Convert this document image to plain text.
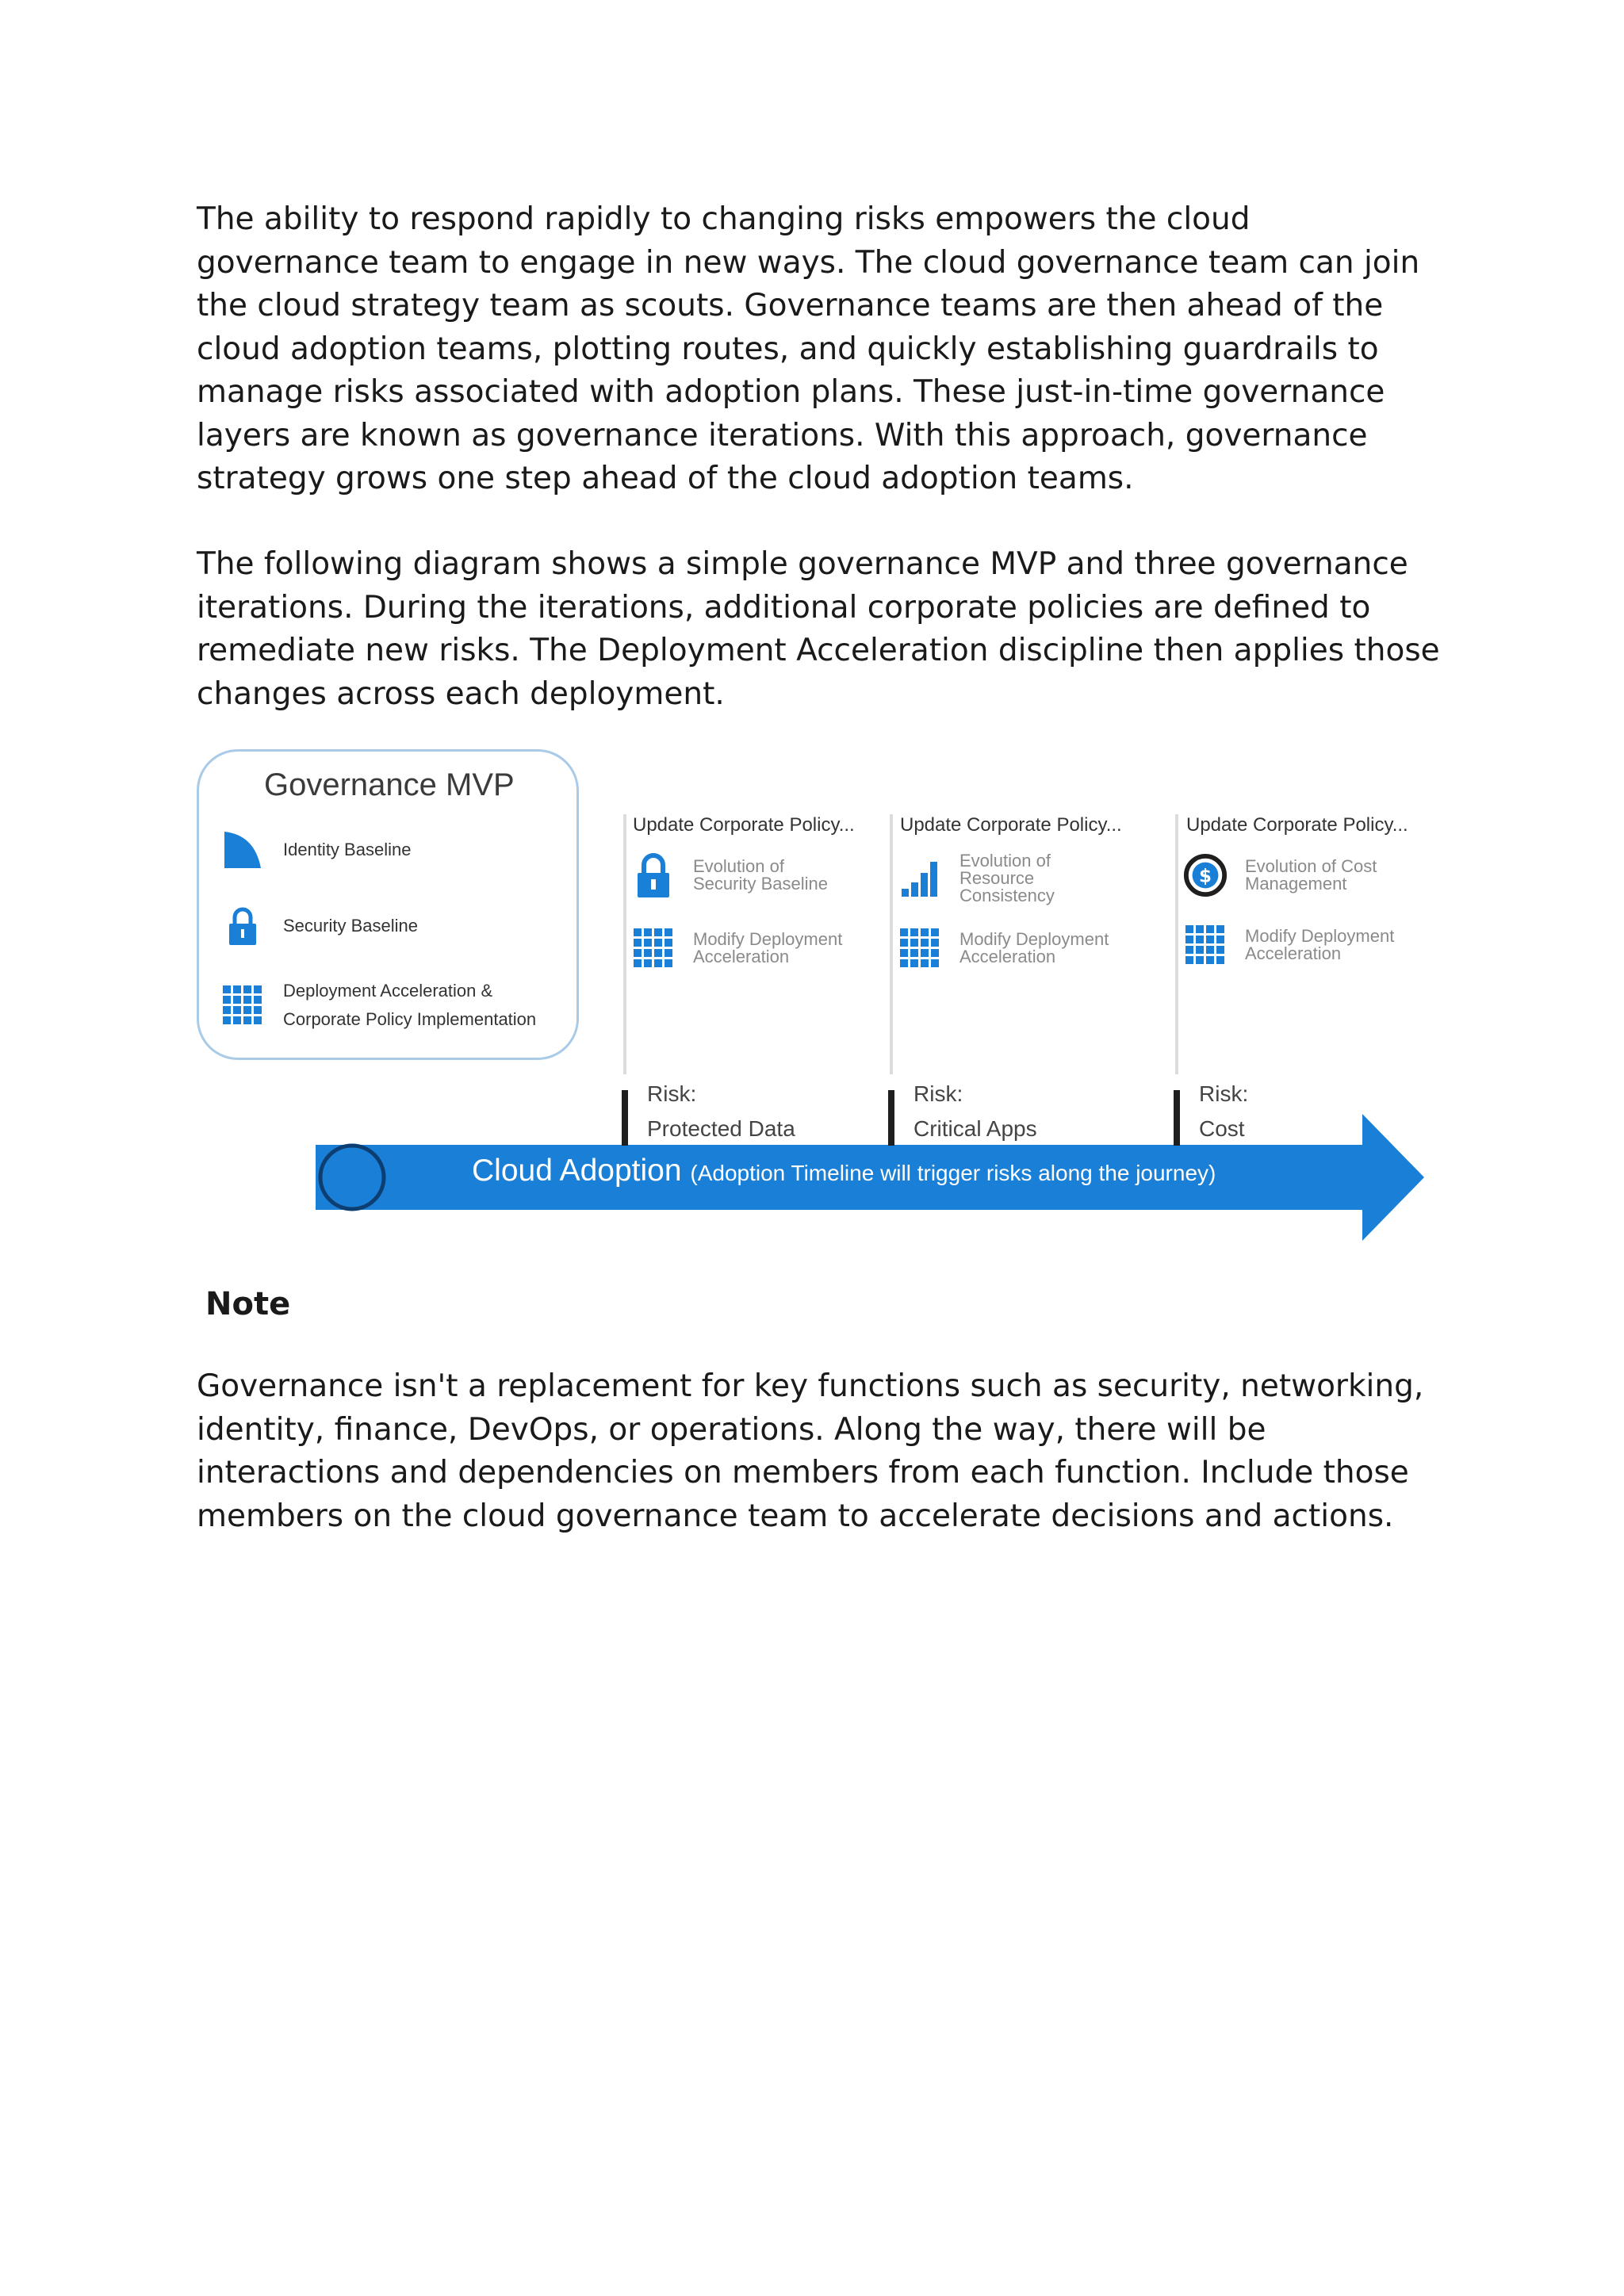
The ability to respond rapidly to changing risks empowers the cloud governance team to engage in new ways. The cloud governance team can join the cloud strategy team as scouts. Governance teams are then ahead of the cloud adoption teams, plotting routes, and quickly establishing guardrails to manage risks associated with adoption plans. These just-in-time governance layers are known as governance iterations. With this approach, governance strategy grows one step ahead of the cloud adoption teams.

The following diagram shows a simple governance MVP and three governance iterations. During the iterations, additional corporate policies are defined to remediate new risks. The Deployment Acceleration discipline then applies those changes across each deployment.

Cloud Adoption (Adoption Timeline will trigger risks along the journey)
Governance MVP
Identity Baseline
Security Baseline
Deployment Acceleration &
Corporate Policy Implementation
Update Corporate Policy...
Evolution of
Security Baseline
Modify Deployment
Acceleration
Risk:
Protected Data
Update Corporate Policy...
Evolution of
Resource Consistency
Modify Deployment
Acceleration
Risk:
Critical Apps
Update Corporate Policy...
$ Evolution of Cost
Management
Modify Deployment
Acceleration
Risk:
Cost

Note

Governance isn't a replacement for key functions such as security, networking, identity, finance, DevOps, or operations. Along the way, there will be interactions and dependencies on members from each function. Include those members on the cloud governance team to accelerate decisions and actions.
